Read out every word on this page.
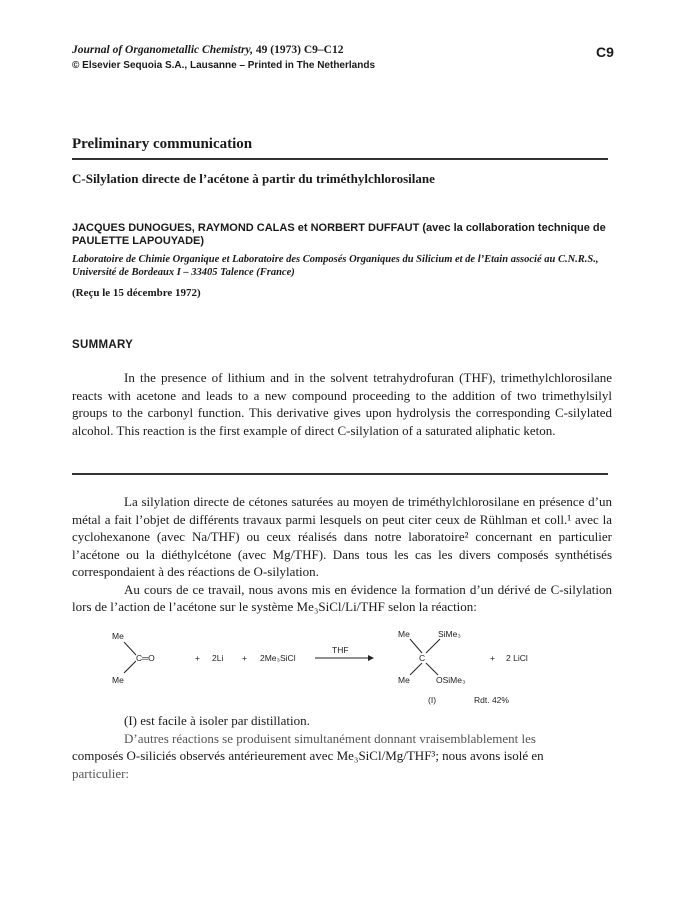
Journal of Organometallic Chemistry, 49 (1973) C9–C12
© Elsevier Sequoia S.A., Lausanne – Printed in The Netherlands
C9
Preliminary communication
C-Silylation directe de l’acétone à partir du triméthylchlorosilane
JACQUES DUNOGUES, RAYMOND CALAS et NORBERT DUFFAUT (avec la collaboration technique de PAULETTE LAPOUYADE)
Laboratoire de Chimie Organique et Laboratoire des Composés Organiques du Silicium et de l’Etain associé au C.N.R.S., Université de Bordeaux I – 33405 Talence (France)
(Reçu le 15 décembre 1972)
SUMMARY

In the presence of lithium and in the solvent tetrahydrofuran (THF), trimethylchlorosilane reacts with acetone and leads to a new compound proceeding to the addition of two trimethylsilyl groups to the carbonyl function. This derivative gives upon hydrolysis the corresponding C-silylated alcohol. This reaction is the first example of direct C-silylation of a saturated aliphatic keton.

La silylation directe de cétones saturées au moyen de triméthylchlorosilane en présence d’un métal a fait l’objet de différents travaux parmi lesquels on peut citer ceux de Rühlman et coll.¹ avec la cyclohexanone (avec Na/THF) ou ceux réalisés dans notre laboratoire² concernant en particulier l’acétone ou la diéthylcétone (avec Mg/THF). Dans tous les cas les divers composés synthétisés correspondaient à des réactions de O-silylation.

Au cours de ce travail, nous avons mis en évidence la formation d’un dérivé de C-silylation lors de l’action de l’acétone sur le système Me₃SiCl/Li/THF selon la réaction:

Me
C═O
Me
+ 2Li + 2Me₃SiCl
THF
Me	SiMe₃
C
Me	OSiMe₃
+ 2 LiCl
(I)	Rdt. 42%

(I) est facile à isoler par distillation.

D’autres réactions se produisent simultanément donnant vraisemblablement les

composés O-siliciés observés antérieurement avec Me₃SiCl/Mg/THF³; nous avons isolé en

particulier:
